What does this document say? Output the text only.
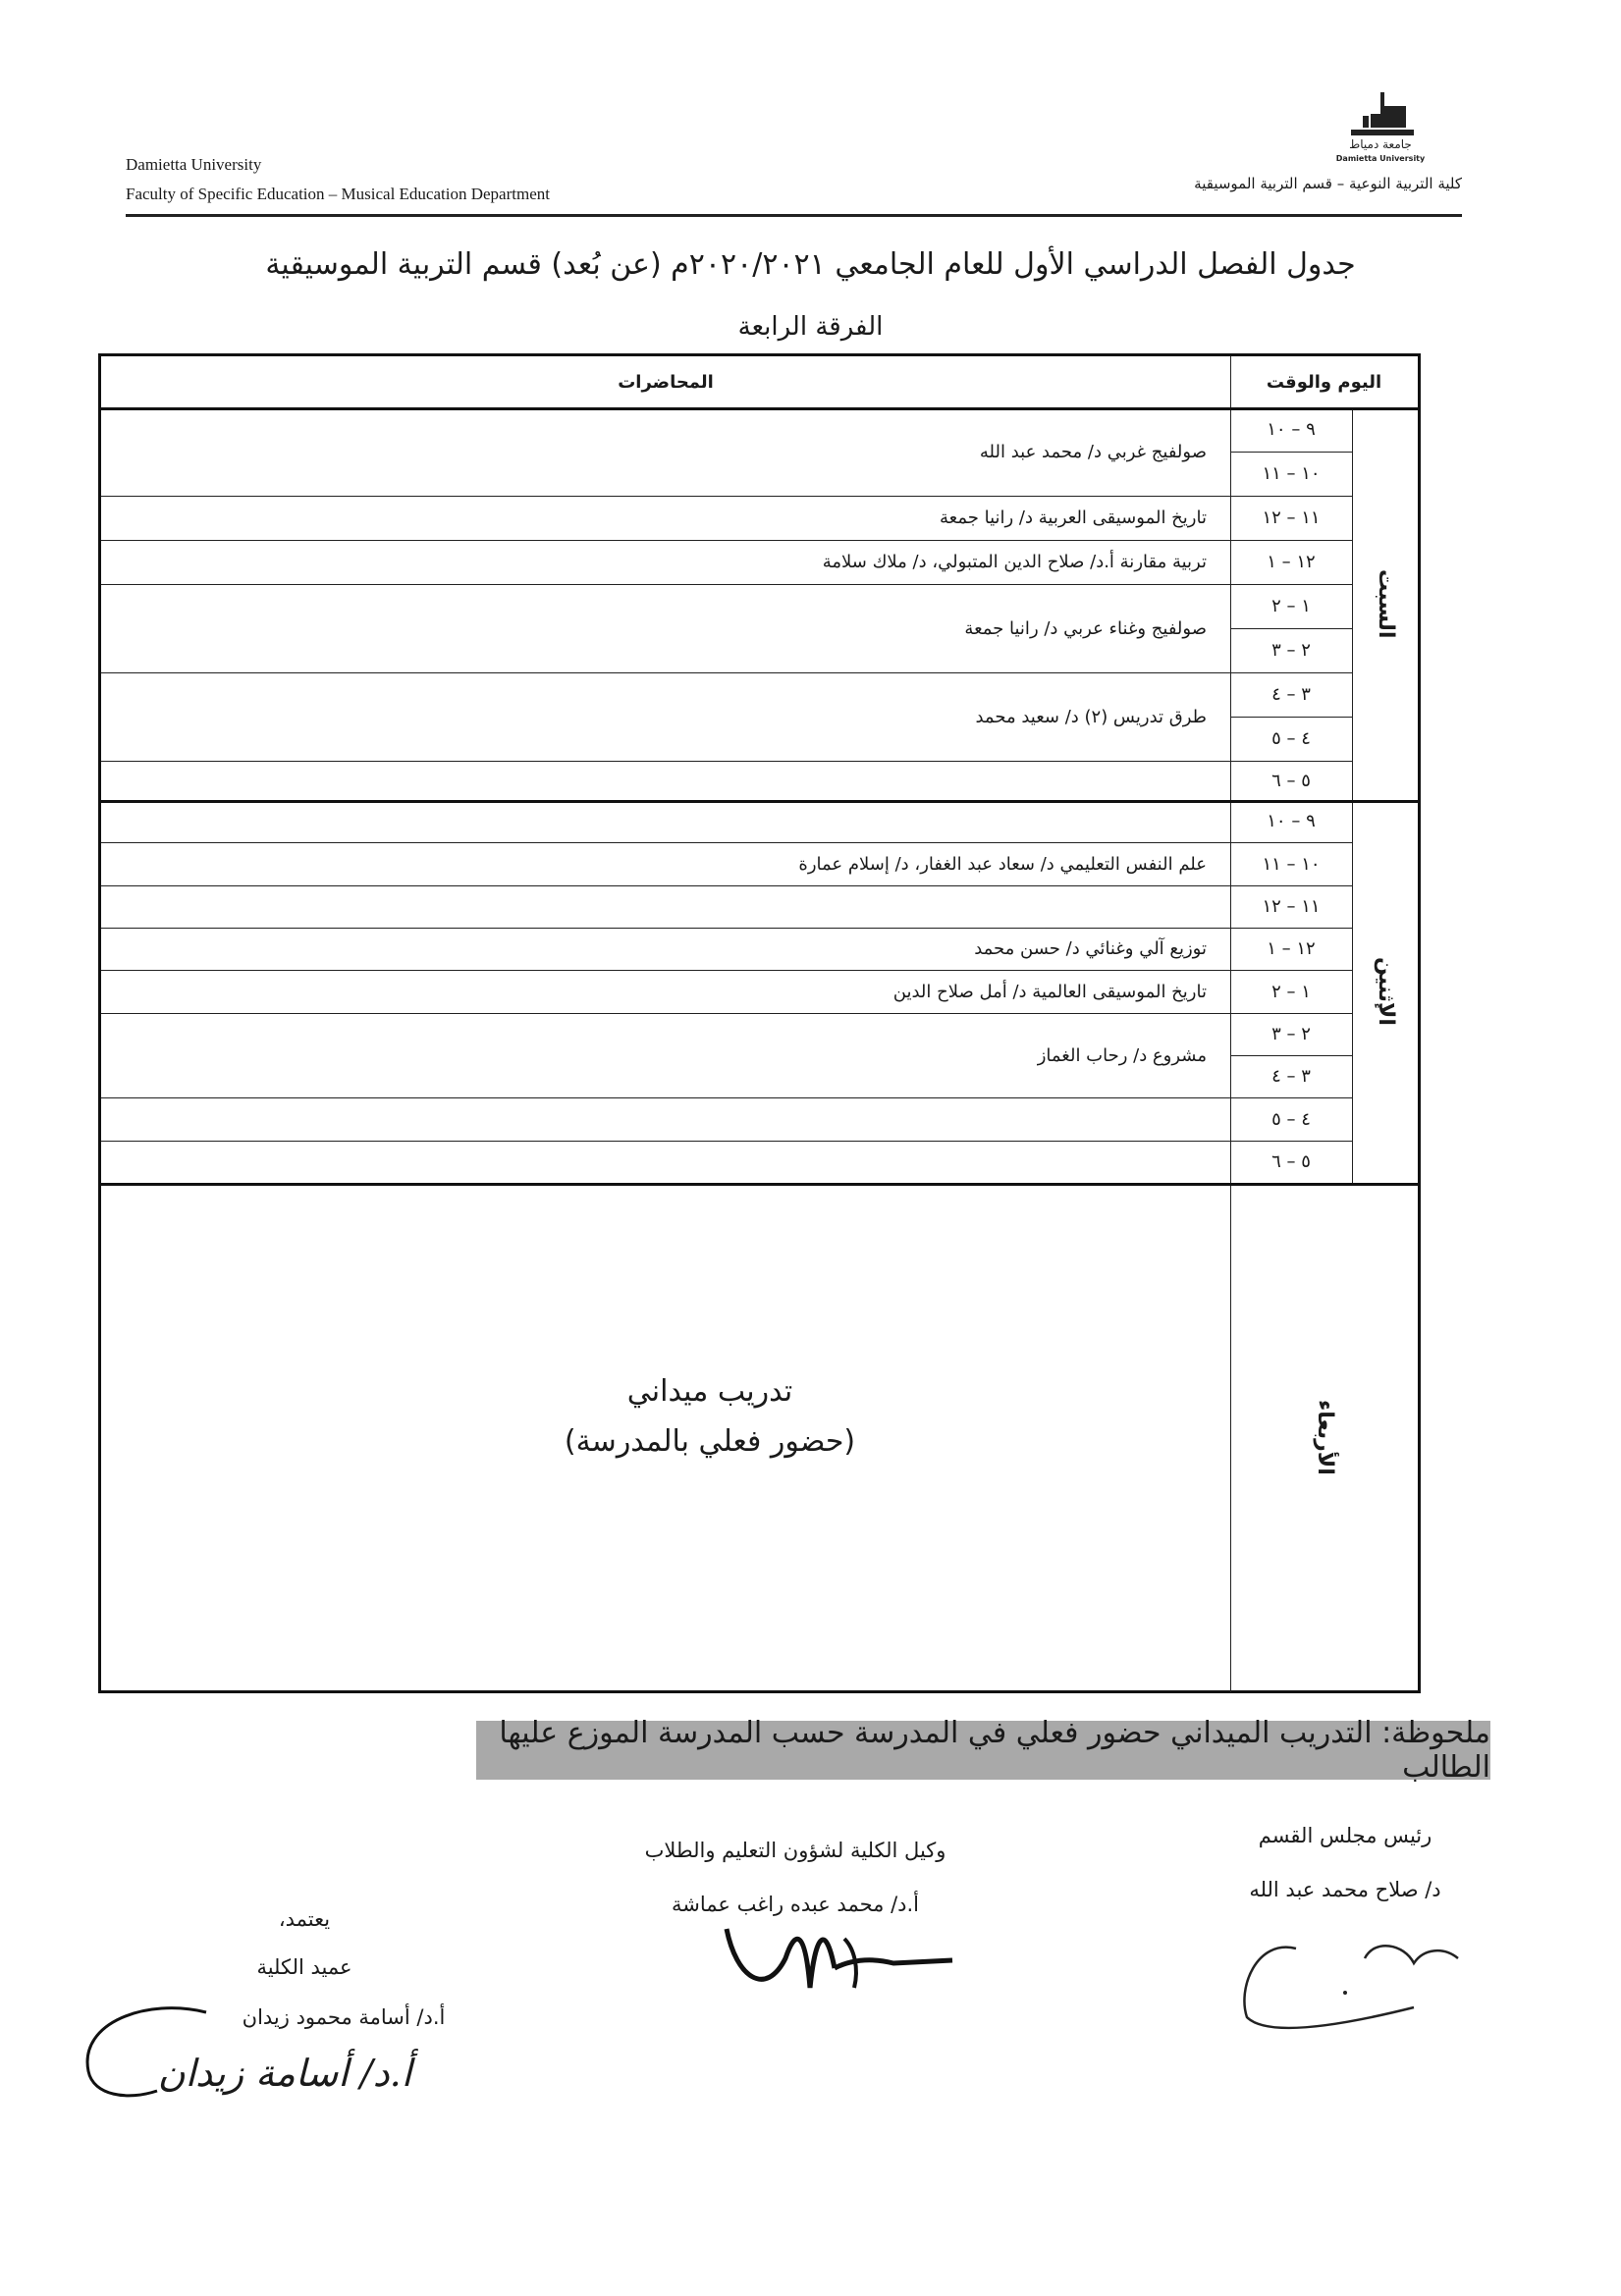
Damietta University
Faculty of Specific Education – Musical Education Department
جامعة دمياط
Damietta University
كلية التربية النوعية – قسم التربية الموسيقية
جدول الفصل الدراسي الأول للعام الجامعي ٢٠٢٠/٢٠٢١م (عن بُعد) قسم التربية الموسيقية
الفرقة الرابعة
اليوم والوقت
المحاضرات
السبت
٩ – ١٠
١٠ – ١١
١١ – ١٢
١٢ – ١
١ – ٢
٢ – ٣
٣ – ٤
٤ – ٥
٥ – ٦
صولفيج غربي د/ محمد عبد الله
تاريخ الموسيقى العربية د/ رانيا جمعة
تربية مقارنة أ.د/ صلاح الدين المتبولي، د/ ملاك سلامة
صولفيج وغناء عربي د/ رانيا جمعة
طرق تدريس (٢) د/ سعيد محمد
الإثنين
٩ – ١٠
١٠ – ١١
١١ – ١٢
١٢ – ١
١ – ٢
٢ – ٣
٣ – ٤
٤ – ٥
٥ – ٦
علم النفس التعليمي د/ سعاد عبد الغفار، د/ إسلام عمارة
توزيع آلي وغنائي د/ حسن محمد
تاريخ الموسيقى العالمية د/ أمل صلاح الدين
مشروع د/ رحاب الغماز
الأربعاء
تدريب ميداني
(حضور فعلي بالمدرسة)
ملحوظة: التدريب الميداني حضور فعلي في المدرسة حسب المدرسة الموزع عليها الطالب
رئيس مجلس القسم
د/ صلاح محمد عبد الله
وكيل الكلية لشؤون التعليم والطلاب
أ.د/ محمد عبده راغب عماشة
يعتمد،
عميد الكلية
أ.د/ أسامة محمود زيدان
أ.د/ أسامة زيدان
